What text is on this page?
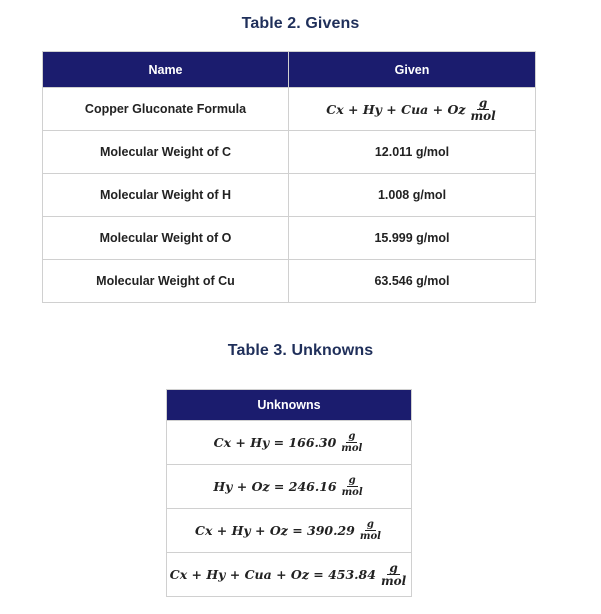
Table 2. Givens
Name	Given
Copper Gluconate Formula	Cx + Hy + Cua + Oz $\frac{g}{\text{mol}}$

Molecular Weight of C	12.011 g/mol
Molecular Weight of H	1.008 g/mol
Molecular Weight of O	15.999 g/mol
Molecular Weight of Cu	63.546 g/mol
Table 3. Unknowns
Unknowns

$Cx + Hy = 166.30 \frac{g}{\text{mol}}$

$Hy + Oz = 246.16 \frac{g}{\text{mol}}$

$Cx + Hy + Oz = 390.29 \frac{g}{\text{mol}}$

Cx + Hy + Cua + $Oz = 453.84 \frac{g}{\text{mol}}$
